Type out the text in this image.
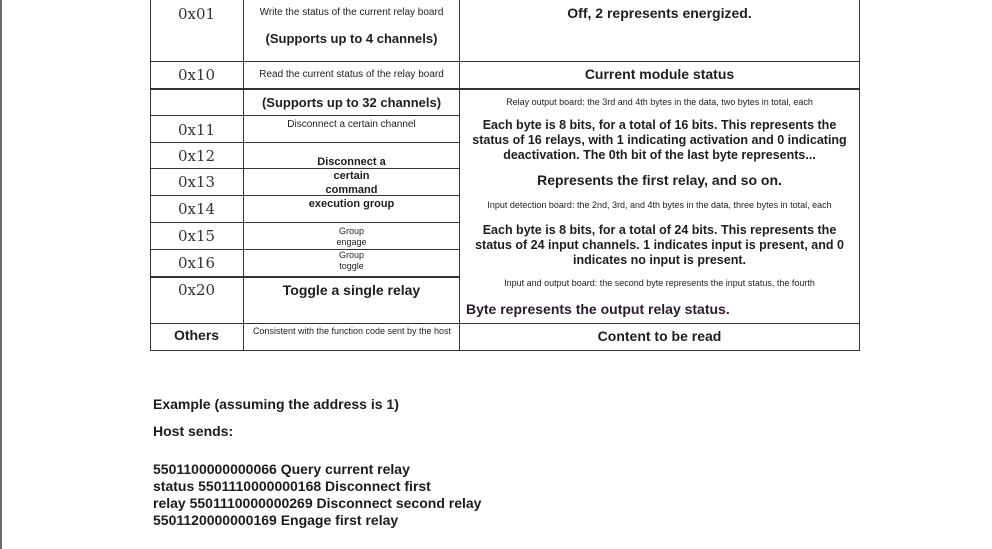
0x01
0x10
0x11
0x12
0x13
0x14
0x15
0x16
0x20
Others
Write the status of the current relay board
(Supports up to 4 channels)
Read the current status of the relay board
(Supports up to 32 channels)
Disconnect a certain channel
Disconnect a
certain
command
execution group
Group
engage
Group
toggle
Toggle a single relay
Consistent with the function code sent by the host
Off, 2 represents energized.
Current module status
Relay output board: the 3rd and 4th bytes in the data, two bytes in total, each
Each byte is 8 bits, for a total of 16 bits. This represents the
status of 16 relays, with 1 indicating activation and 0 indicating
deactivation. The 0th bit of the last byte represents...
Represents the first relay, and so on.
Input detection board: the 2nd, 3rd, and 4th bytes in the data, three bytes in total, each
Each byte is 8 bits, for a total of 24 bits. This represents the
status of 24 input channels. 1 indicates input is present, and 0
indicates no input is present.
Input and output board: the second byte represents the input status, the fourth
Byte represents the output relay status.
Content to be read
Example (assuming the address is 1)
Host sends:
5501100000000066 Query current relay
status 5501110000000168 Disconnect first
relay 5501110000000269 Disconnect second relay
5501120000000169 Engage first relay
